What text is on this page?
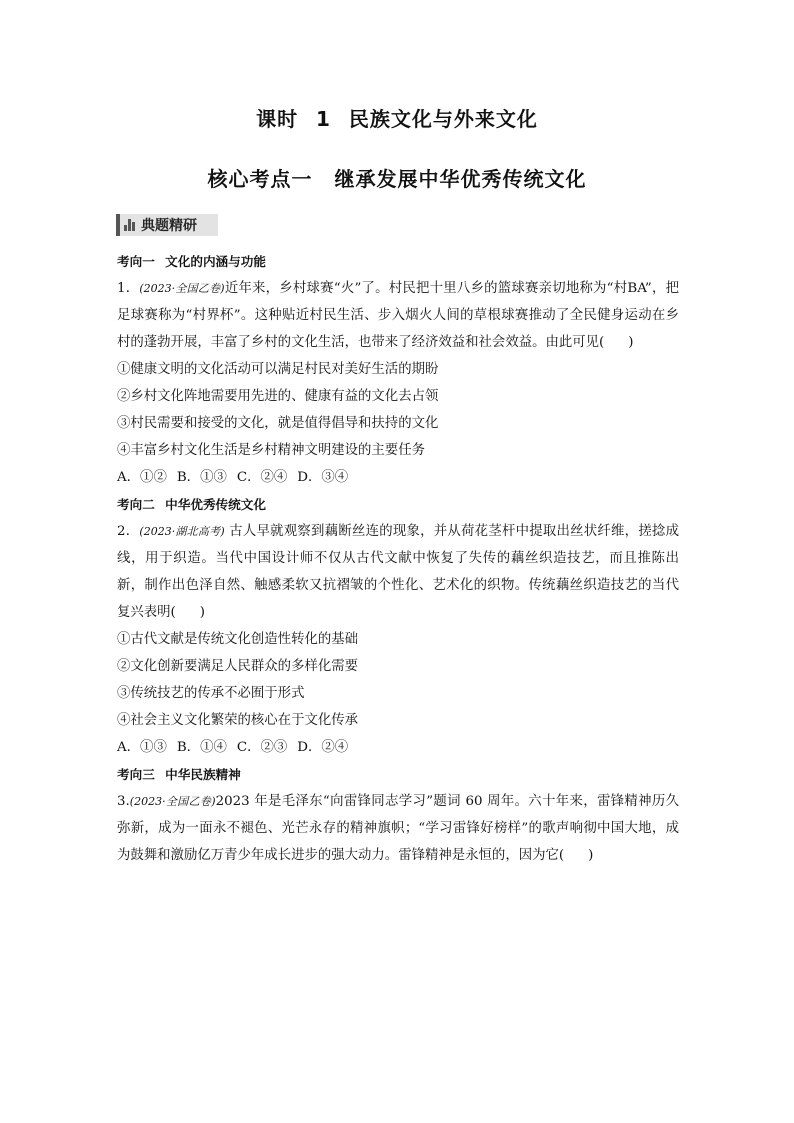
课时 1 民族文化与外来文化
核心考点一 继承发展中华优秀传统文化
典题精研

考向一 文化的内涵与功能

1．(2023·全国乙卷)近年来，乡村球赛“火”了。村民把十里八乡的篮球赛亲切地称为“村BA”，把足球赛称为“村界杯”。这种贴近村民生活、步入烟火人间的草根球赛推动了全民健身运动在乡村的蓬勃开展，丰富了乡村的文化生活，也带来了经济效益和社会效益。由此可见( )

①健康文明的文化活动可以满足村民对美好生活的期盼

②乡村文化阵地需要用先进的、健康有益的文化去占领

③村民需要和接受的文化，就是值得倡导和扶持的文化

④丰富乡村文化生活是乡村精神文明建设的主要任务

A．①② B．①③ C．②④ D．③④

考向二 中华优秀传统文化

2．(2023·湖北高考) 古人早就观察到藕断丝连的现象，并从荷花茎杆中提取出丝状纤维，搓捻成线，用于织造。当代中国设计师不仅从古代文献中恢复了失传的藕丝织造技艺，而且推陈出新，制作出色泽自然、触感柔软又抗褶皱的个性化、艺术化的织物。传统藕丝织造技艺的当代复兴表明( )

①古代文献是传统文化创造性转化的基础

②文化创新要满足人民群众的多样化需要

③传统技艺的传承不必囿于形式

④社会主义文化繁荣的核心在于文化传承

A．①③ B．①④ C．②③ D．②④

考向三 中华民族精神

3.(2023·全国乙卷)2023 年是毛泽东“向雷锋同志学习”题词 60 周年。六十年来，雷锋精神历久弥新，成为一面永不褪色、光芒永存的精神旗帜；“学习雷锋好榜样”的歌声响彻中国大地，成为鼓舞和激励亿万青少年成长进步的强大动力。雷锋精神是永恒的，因为它( )
